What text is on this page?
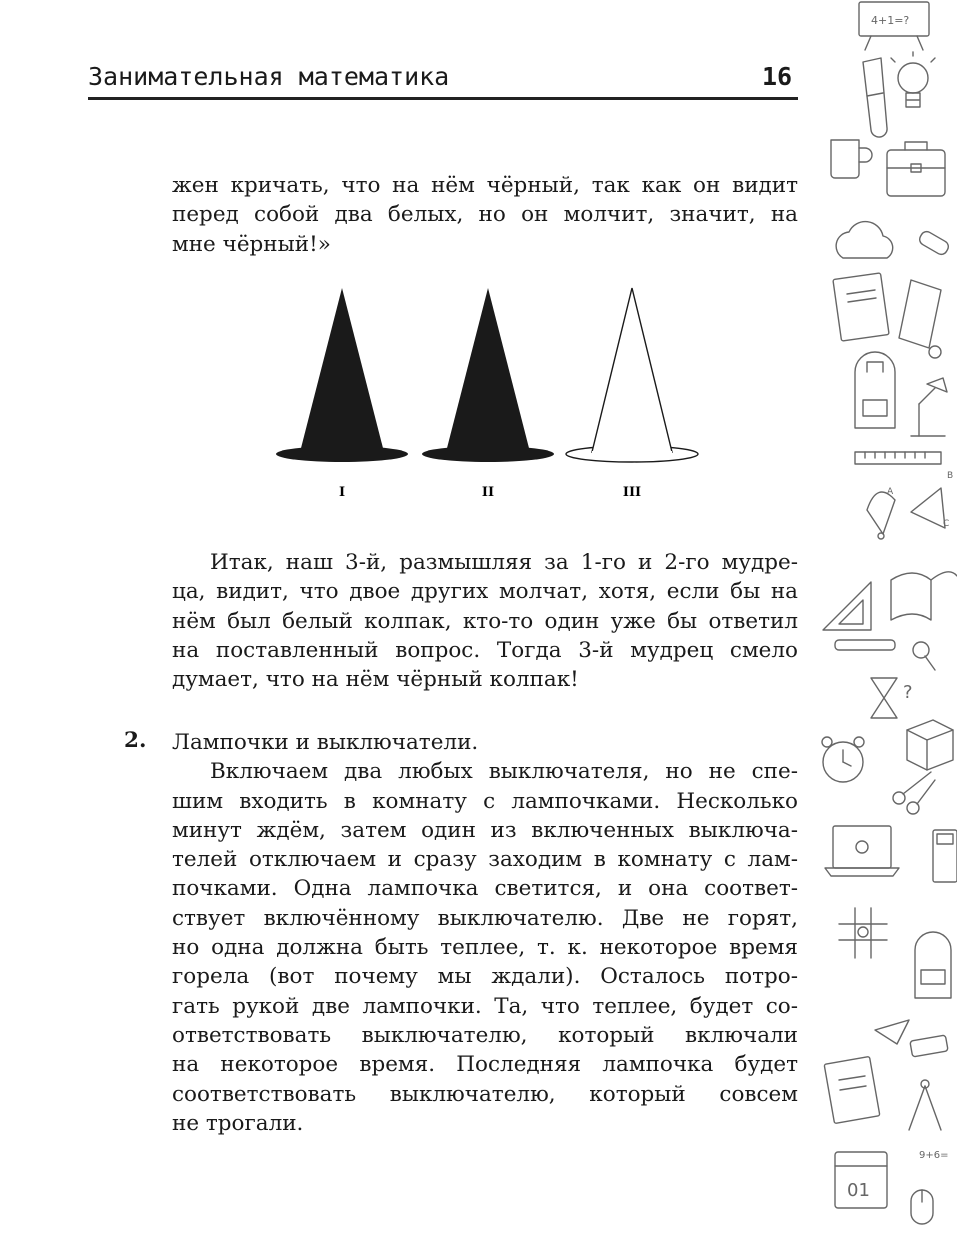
Занимательная математика	16
жен кричать, что на нём чёрный, так как он видит
перед собой два белых, но он молчит, значит, на
мне чёрный!»
I	II	III
Итак, наш 3-й, размышляя за 1-го и 2-го мудре-
ца, видит, что двое других молчат, хотя, если бы на
нём был белый колпак, кто-то один уже бы ответил
на поставленный вопрос. Тогда 3-й мудрец смело
думает, что на нём чёрный колпак!
2. Лампочки и выключатели.
Включаем два любых выключателя, но не спе-
шим входить в комнату с лампочками. Несколько
минут ждём, затем один из включенных выключа-
телей отключаем и сразу заходим в комнату с лам-
почками. Одна лампочка светится, и она соответ-
ствует включённому выключателю. Две не горят,
но одна должна быть теплее, т. к. некоторое время
горела (вот почему мы ждали). Осталось потро-
гать рукой две лампочки. Та, что теплее, будет со-
ответствовать выключателю, который включали
на некоторое время. Последняя лампочка будет
соответствовать выключателю, который совсем
не трогали.
4+1=?
A
B
C
?
01
9+6=
